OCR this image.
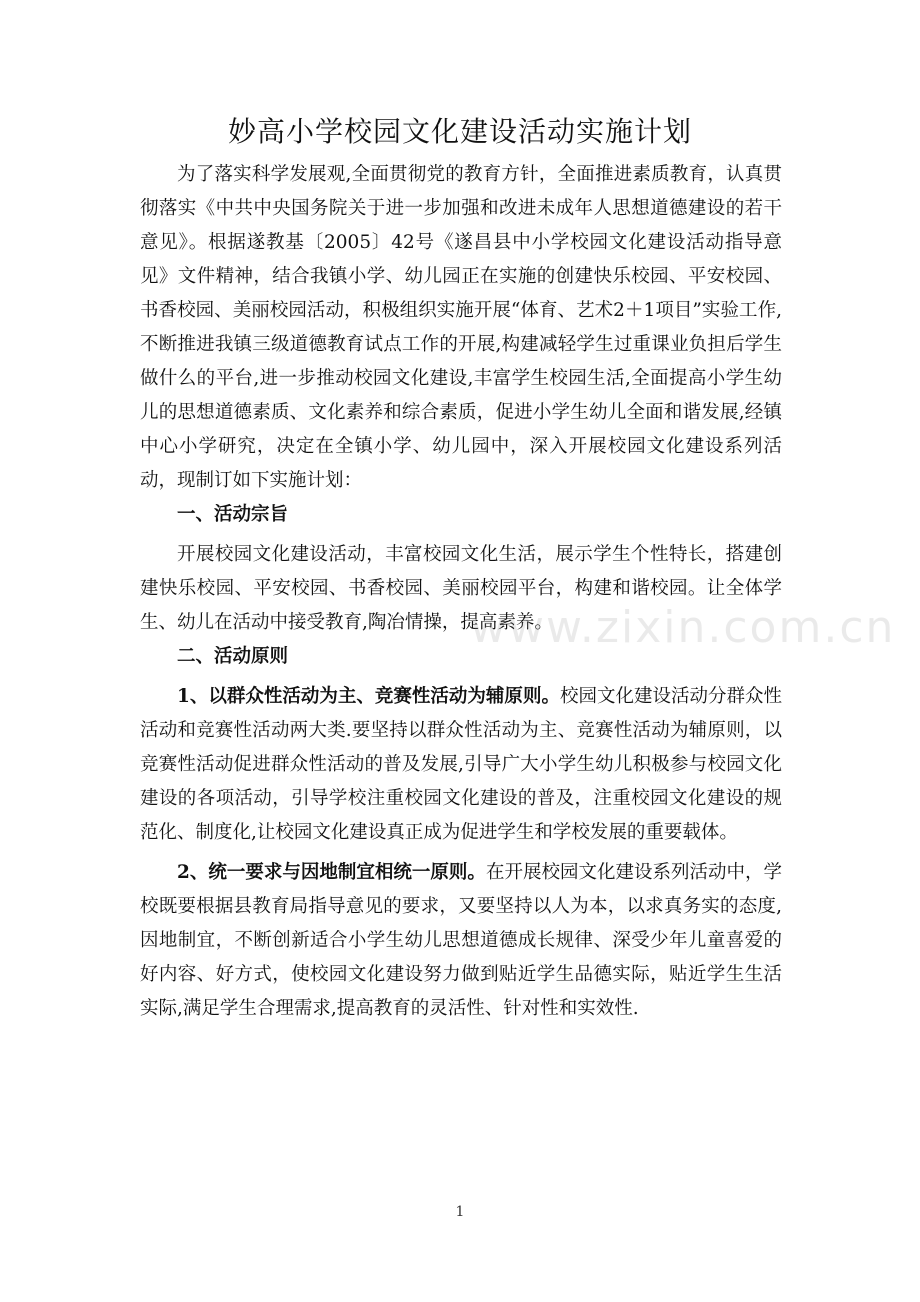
妙高小学校园文化建设活动实施计划

为了落实科学发展观,全面贯彻党的教育方针，全面推进素质教育，认真贯彻落实《中共中央国务院关于进一步加强和改进未成年人思想道德建设的若干意见》。根据遂教基〔2005〕42号《遂昌县中小学校园文化建设活动指导意见》文件精神，结合我镇小学、幼儿园正在实施的创建快乐校园、平安校园、书香校园、美丽校园活动，积极组织实施开展“体育、艺术2＋1项目”实验工作,不断推进我镇三级道德教育试点工作的开展,构建减轻学生过重课业负担后学生做什么的平台,进一步推动校园文化建设,丰富学生校园生活,全面提高小学生幼儿的思想道德素质、文化素养和综合素质，促进小学生幼儿全面和谐发展,经镇中心小学研究，决定在全镇小学、幼儿园中，深入开展校园文化建设系列活动，现制订如下实施计划：

一、活动宗旨

开展校园文化建设活动，丰富校园文化生活，展示学生个性特长，搭建创建快乐校园、平安校园、书香校园、美丽校园平台，构建和谐校园。让全体学生、幼儿在活动中接受教育,陶冶情操，提高素养。

二、活动原则

1、以群众性活动为主、竞赛性活动为辅原则。校园文化建设活动分群众性活动和竞赛性活动两大类.要坚持以群众性活动为主、竞赛性活动为辅原则，以竞赛性活动促进群众性活动的普及发展,引导广大小学生幼儿积极参与校园文化建设的各项活动，引导学校注重校园文化建设的普及，注重校园文化建设的规范化、制度化,让校园文化建设真正成为促进学生和学校发展的重要载体。

2、统一要求与因地制宜相统一原则。在开展校园文化建设系列活动中，学校既要根据县教育局指导意见的要求，又要坚持以人为本，以求真务实的态度,因地制宜，不断创新适合小学生幼儿思想道德成长规律、深受少年儿童喜爱的好内容、好方式，使校园文化建设努力做到贴近学生品德实际，贴近学生生活实际,满足学生合理需求,提高教育的灵活性、针对性和实效性.

www.zixin.com.cn
1
